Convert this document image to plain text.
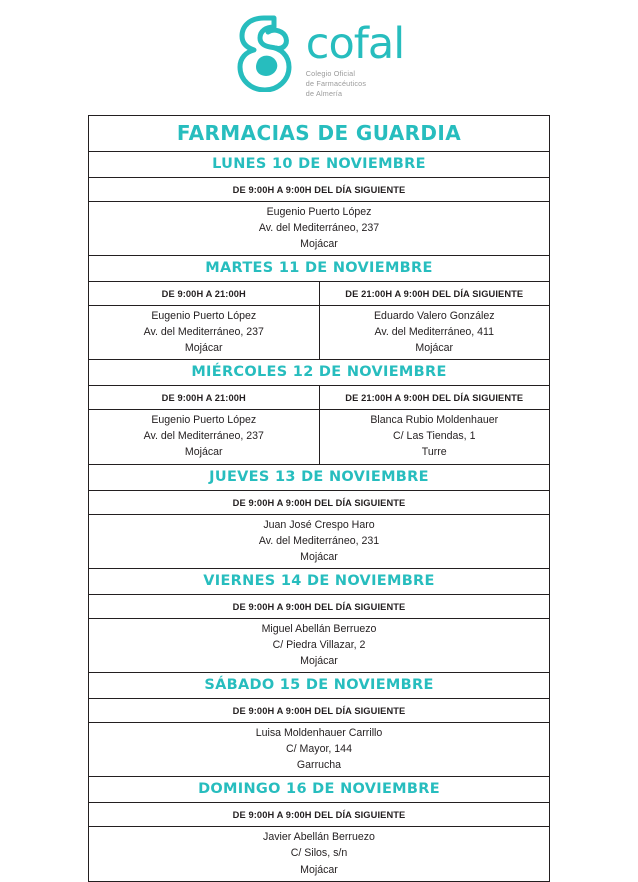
cofal
Colegio Oficial
de Farmacéuticos
de Almería
FARMACIAS DE GUARDIA
LUNES 10 DE NOVIEMBRE
DE 9:00H A 9:00H DEL DÍA SIGUIENTE
Eugenio Puerto López
Av. del Mediterráneo, 237
Mojácar
MARTES 11 DE NOVIEMBRE
DE 9:00H A 21:00H	DE 21:00H A 9:00H DEL DÍA SIGUIENTE
Eugenio Puerto López
Av. del Mediterráneo, 237
Mojácar
Eduardo Valero González
Av. del Mediterráneo, 411
Mojácar
MIÉRCOLES 12 DE NOVIEMBRE
DE 9:00H A 21:00H	DE 21:00H A 9:00H DEL DÍA SIGUIENTE
Eugenio Puerto López
Av. del Mediterráneo, 237
Mojácar
Blanca Rubio Moldenhauer
C/ Las Tiendas, 1
Turre
JUEVES 13 DE NOVIEMBRE
DE 9:00H A 9:00H DEL DÍA SIGUIENTE
Juan José Crespo Haro
Av. del Mediterráneo, 231
Mojácar
VIERNES 14 DE NOVIEMBRE
DE 9:00H A 9:00H DEL DÍA SIGUIENTE
Miguel Abellán Berruezo
C/ Piedra Villazar, 2
Mojácar
SÁBADO 15 DE NOVIEMBRE
DE 9:00H A 9:00H DEL DÍA SIGUIENTE
Luisa Moldenhauer Carrillo
C/ Mayor, 144
Garrucha
DOMINGO 16 DE NOVIEMBRE
DE 9:00H A 9:00H DEL DÍA SIGUIENTE
Javier Abellán Berruezo
C/ Silos, s/n
Mojácar
